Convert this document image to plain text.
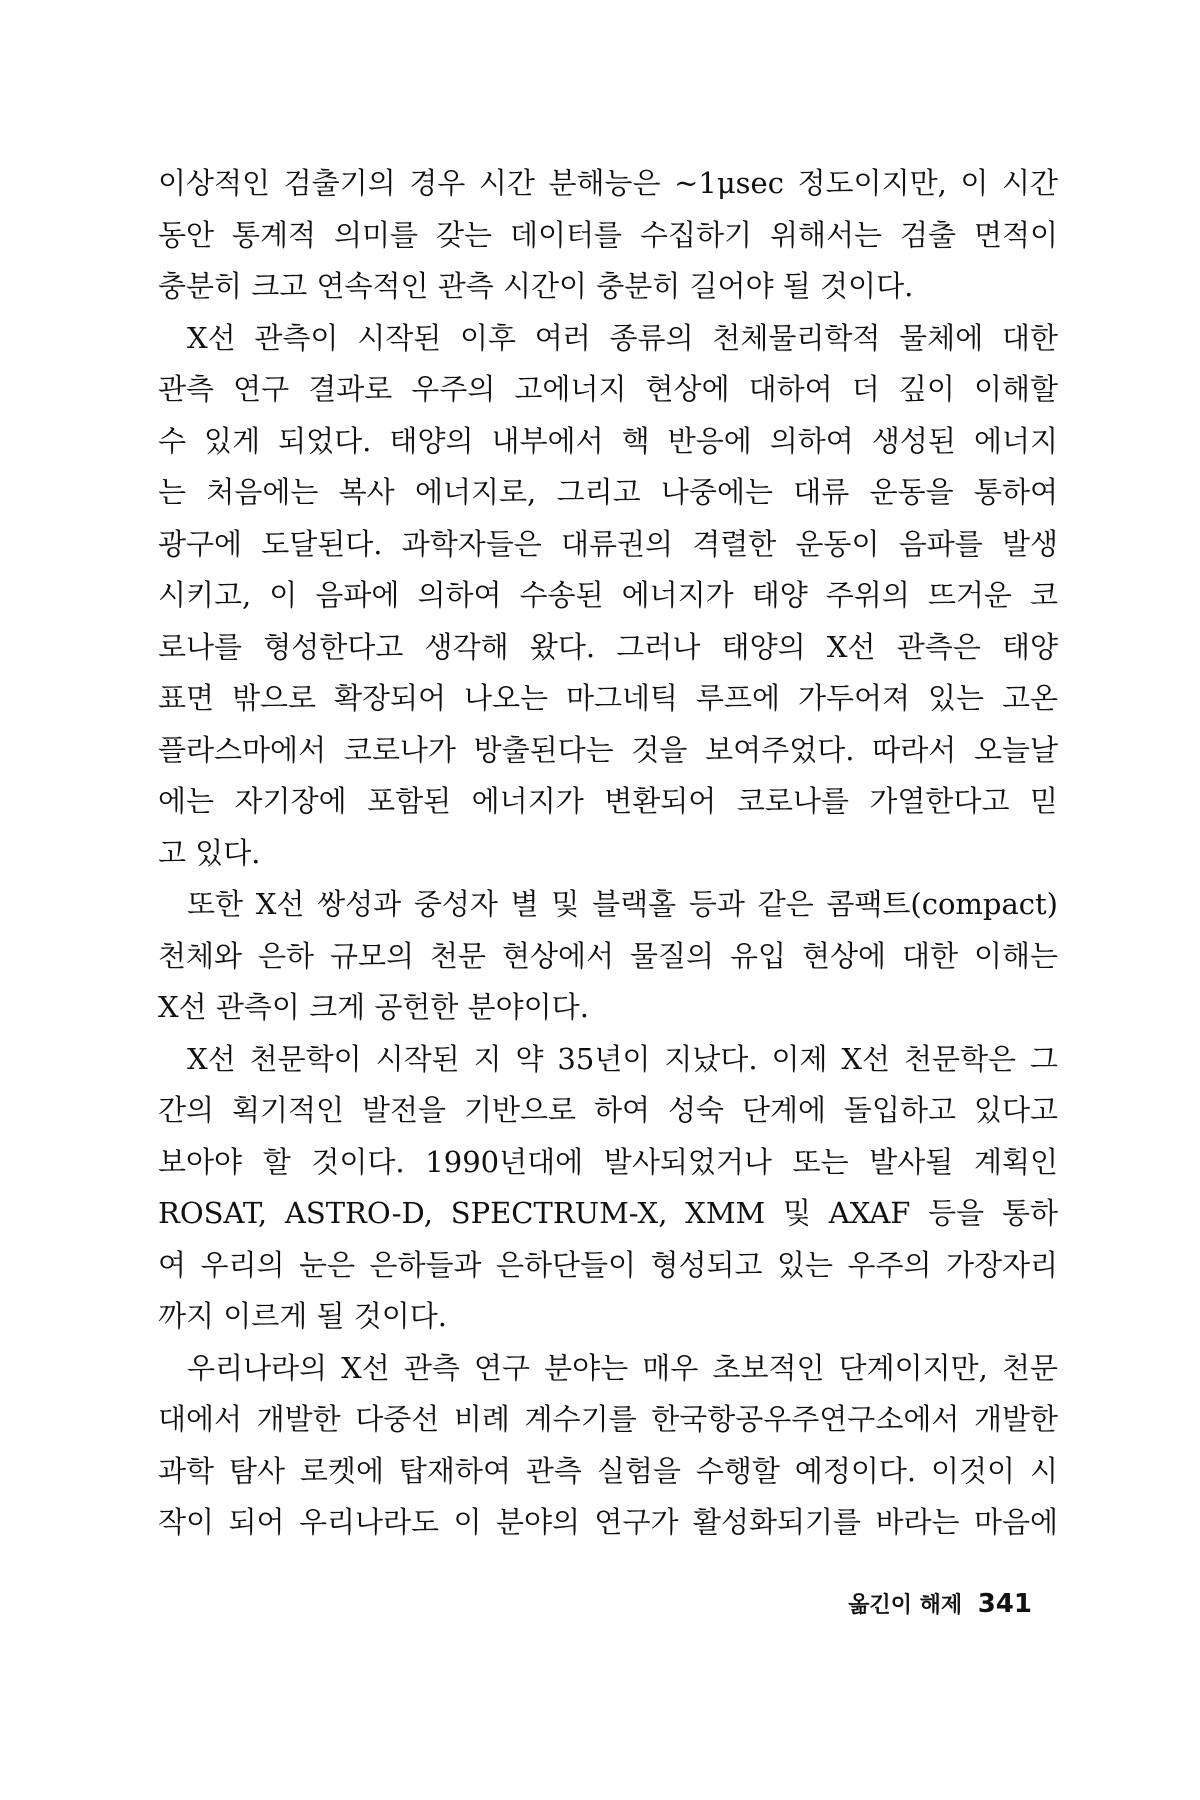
이상적인 검출기의 경우 시간 분해능은 ~1μsec 정도이지만, 이 시간
동안 통계적 의미를 갖는 데이터를 수집하기 위해서는 검출 면적이
충분히 크고 연속적인 관측 시간이 충분히 길어야 될 것이다.

X선 관측이 시작된 이후 여러 종류의 천체물리학적 물체에 대한
관측 연구 결과로 우주의 고에너지 현상에 대하여 더 깊이 이해할
수 있게 되었다. 태양의 내부에서 핵 반응에 의하여 생성된 에너지
는 처음에는 복사 에너지로, 그리고 나중에는 대류 운동을 통하여
광구에 도달된다. 과학자들은 대류권의 격렬한 운동이 음파를 발생
시키고, 이 음파에 의하여 수송된 에너지가 태양 주위의 뜨거운 코
로나를 형성한다고 생각해 왔다. 그러나 태양의 X선 관측은 태양
표면 밖으로 확장되어 나오는 마그네틱 루프에 가두어져 있는 고온
플라스마에서 코로나가 방출된다는 것을 보여주었다. 따라서 오늘날
에는 자기장에 포함된 에너지가 변환되어 코로나를 가열한다고 믿
고 있다.

또한 X선 쌍성과 중성자 별 및 블랙홀 등과 같은 콤팩트(compact)
천체와 은하 규모의 천문 현상에서 물질의 유입 현상에 대한 이해는
X선 관측이 크게 공헌한 분야이다.

X선 천문학이 시작된 지 약 35년이 지났다. 이제 X선 천문학은 그
간의 획기적인 발전을 기반으로 하여 성숙 단계에 돌입하고 있다고
보아야 할 것이다. 1990년대에 발사되었거나 또는 발사될 계획인
ROSAT, ASTRO-D, SPECTRUM-X, XMM 및 AXAF 등을 통하
여 우리의 눈은 은하들과 은하단들이 형성되고 있는 우주의 가장자리
까지 이르게 될 것이다.

우리나라의 X선 관측 연구 분야는 매우 초보적인 단계이지만, 천문
대에서 개발한 다중선 비례 계수기를 한국항공우주연구소에서 개발한
과학 탐사 로켓에 탑재하여 관측 실험을 수행할 예정이다. 이것이 시
작이 되어 우리나라도 이 분야의 연구가 활성화되기를 바라는 마음에

옮긴이 해제 341
